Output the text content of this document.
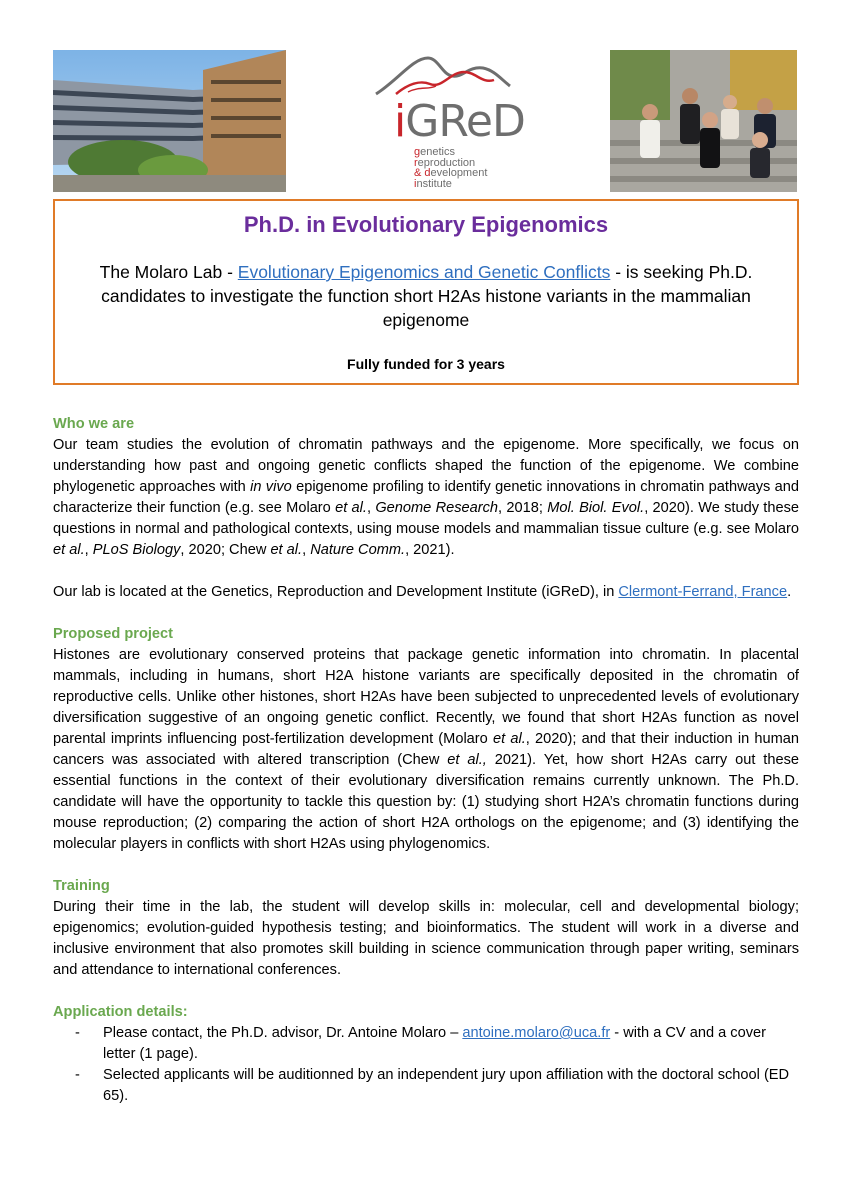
iGReD
genetics
reproduction
& development
institute
Ph.D. in Evolutionary Epigenomics
The Molaro Lab - Evolutionary Epigenomics and Genetic Conflicts - is seeking Ph.D. candidates to investigate the function short H2As histone variants in the mammalian epigenome
Fully funded for 3 years
Who we are
Our team studies the evolution of chromatin pathways and the epigenome. More specifically, we focus on understanding how past and ongoing genetic conflicts shaped the function of the epigenome. We combine phylogenetic approaches with in vivo epigenome profiling to identify genetic innovations in chromatin pathways and characterize their function (e.g. see Molaro et al., Genome Research, 2018; Mol. Biol. Evol., 2020). We study these questions in normal and pathological contexts, using mouse models and mammalian tissue culture (e.g. see Molaro et al., PLoS Biology, 2020; Chew et al., Nature Comm., 2021).
Our lab is located at the Genetics, Reproduction and Development Institute (iGReD), in Clermont-Ferrand, France.
Proposed project
Histones are evolutionary conserved proteins that package genetic information into chromatin. In placental mammals, including in humans, short H2A histone variants are specifically deposited in the chromatin of reproductive cells. Unlike other histones, short H2As have been subjected to unprecedented levels of evolutionary diversification suggestive of an ongoing genetic conflict. Recently, we found that short H2As function as novel parental imprints influencing post-fertilization development (Molaro et al., 2020); and that their induction in human cancers was associated with altered transcription (Chew et al., 2021). Yet, how short H2As carry out these essential functions in the context of their evolutionary diversification remains currently unknown. The Ph.D. candidate will have the opportunity to tackle this question by: (1) studying short H2A’s chromatin functions during mouse reproduction; (2) comparing the action of short H2A orthologs on the epigenome; and (3) identifying the molecular players in conflicts with short H2As using phylogenomics.
Training
During their time in the lab, the student will develop skills in: molecular, cell and developmental biology; epigenomics; evolution-guided hypothesis testing; and bioinformatics. The student will work in a diverse and inclusive environment that also promotes skill building in science communication through paper writing, seminars and attendance to international conferences.
Application details:
- Please contact, the Ph.D. advisor, Dr. Antoine Molaro – antoine.molaro@uca.fr - with a CV and a cover letter (1 page).
- Selected applicants will be auditionned by an independent jury upon affiliation with the doctoral school (ED 65).
